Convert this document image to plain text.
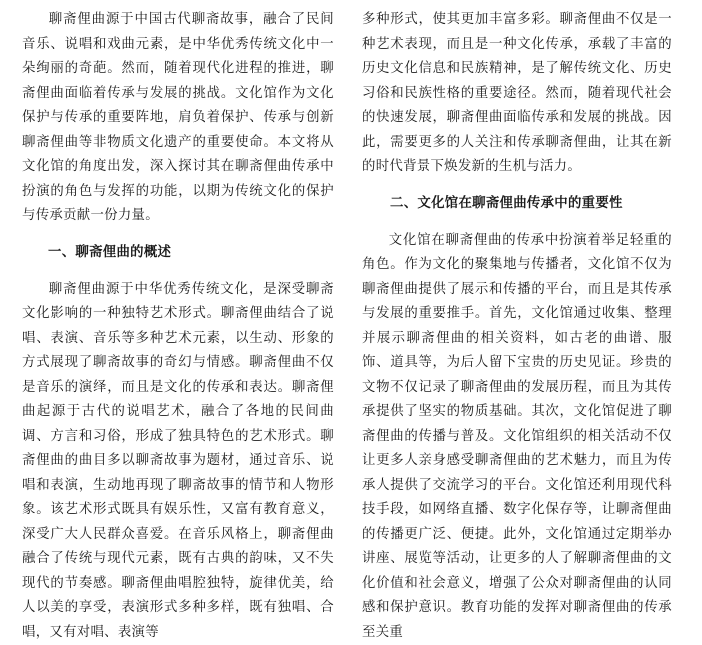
聊斋俚曲源于中国古代聊斋故事，融合了民间音乐、说唱和戏曲元素，是中华优秀传统文化中一朵绚丽的奇葩。然而，随着现代化进程的推进，聊斋俚曲面临着传承与发展的挑战。文化馆作为文化保护与传承的重要阵地，肩负着保护、传承与创新聊斋俚曲等非物质文化遗产的重要使命。本文将从文化馆的角度出发，深入探讨其在聊斋俚曲传承中扮演的角色与发挥的功能，以期为传统文化的保护与传承贡献一份力量。

一、聊斋俚曲的概述

聊斋俚曲源于中华优秀传统文化，是深受聊斋文化影响的一种独特艺术形式。聊斋俚曲结合了说唱、表演、音乐等多种艺术元素，以生动、形象的方式展现了聊斋故事的奇幻与情感。聊斋俚曲不仅是音乐的演绎，而且是文化的传承和表达。聊斋俚曲起源于古代的说唱艺术，融合了各地的民间曲调、方言和习俗，形成了独具特色的艺术形式。聊斋俚曲的曲目多以聊斋故事为题材，通过音乐、说唱和表演，生动地再现了聊斋故事的情节和人物形象。该艺术形式既具有娱乐性，又富有教育意义，深受广大人民群众喜爱。在音乐风格上，聊斋俚曲融合了传统与现代元素，既有古典的韵味，又不失现代的节奏感。聊斋俚曲唱腔独特，旋律优美，给人以美的享受，表演形式多种多样，既有独唱、合唱，又有对唱、表演等

多种形式，使其更加丰富多彩。聊斋俚曲不仅是一种艺术表现，而且是一种文化传承，承载了丰富的历史文化信息和民族精神，是了解传统文化、历史习俗和民族性格的重要途径。然而，随着现代社会的快速发展，聊斋俚曲面临传承和发展的挑战。因此，需要更多的人关注和传承聊斋俚曲，让其在新的时代背景下焕发新的生机与活力。

二、文化馆在聊斋俚曲传承中的重要性

文化馆在聊斋俚曲的传承中扮演着举足轻重的角色。作为文化的聚集地与传播者，文化馆不仅为聊斋俚曲提供了展示和传播的平台，而且是其传承与发展的重要推手。首先，文化馆通过收集、整理并展示聊斋俚曲的相关资料，如古老的曲谱、服饰、道具等，为后人留下宝贵的历史见证。珍贵的文物不仅记录了聊斋俚曲的发展历程，而且为其传承提供了坚实的物质基础。其次，文化馆促进了聊斋俚曲的传播与普及。文化馆组织的相关活动不仅让更多人亲身感受聊斋俚曲的艺术魅力，而且为传承人提供了交流学习的平台。文化馆还利用现代科技手段，如网络直播、数字化保存等，让聊斋俚曲的传播更广泛、便捷。此外，文化馆通过定期举办讲座、展览等活动，让更多的人了解聊斋俚曲的文化价值和社会意义，增强了公众对聊斋俚曲的认同感和保护意识。教育功能的发挥对聊斋俚曲的传承至关重
